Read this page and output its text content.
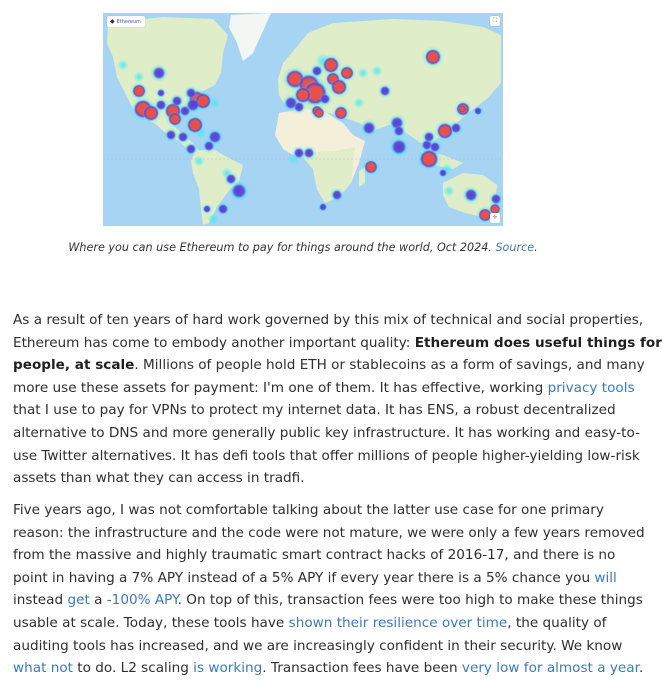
◆ Ethereum	⛶
✛
Where you can use Ethereum to pay for things around the world, Oct 2024. Source.
As a result of ten years of hard work governed by this mix of technical and social properties,
Ethereum has come to embody another important quality: Ethereum does useful things for
people, at scale. Millions of people hold ETH or stablecoins as a form of savings, and many
more use these assets for payment: I'm one of them. It has effective, working privacy tools
that I use to pay for VPNs to protect my internet data. It has ENS, a robust decentralized
alternative to DNS and more generally public key infrastructure. It has working and easy-to-
use Twitter alternatives. It has defi tools that offer millions of people higher-yielding low-risk
assets than what they can access in tradfi.
Five years ago, I was not comfortable talking about the latter use case for one primary
reason: the infrastructure and the code were not mature, we were only a few years removed
from the massive and highly traumatic smart contract hacks of 2016-17, and there is no
point in having a 7% APY instead of a 5% APY if every year there is a 5% chance you will
instead get a -100% APY. On top of this, transaction fees were too high to make these things
usable at scale. Today, these tools have shown their resilience over time, the quality of
auditing tools has increased, and we are increasingly confident in their security. We know
what not to do. L2 scaling is working. Transaction fees have been very low for almost a year.
